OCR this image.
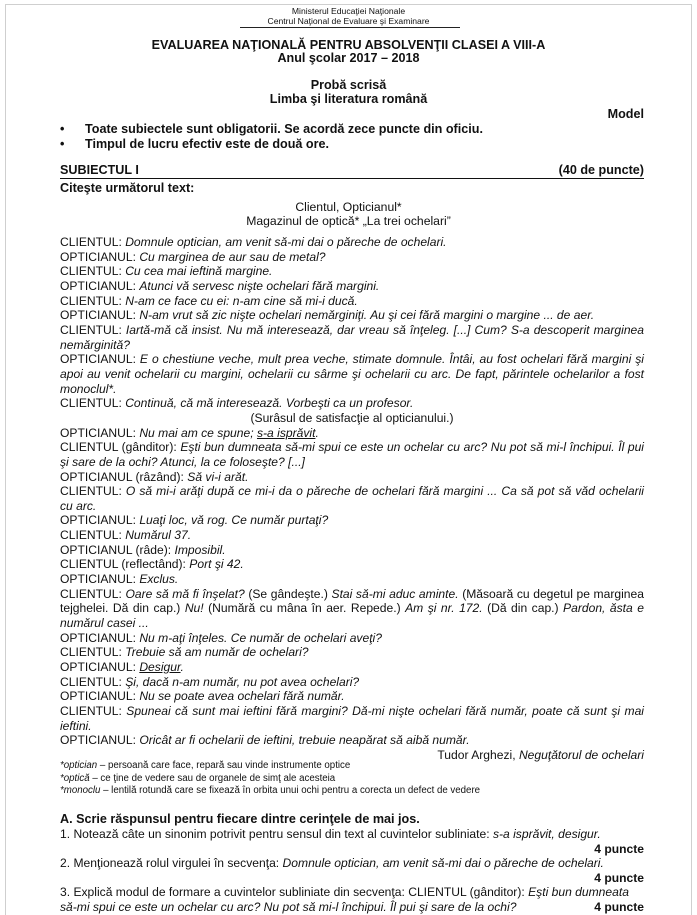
Ministerul Educaţiei Naţionale
Centrul Naţional de Evaluare şi Examinare
EVALUAREA NAŢIONALĂ PENTRU ABSOLVENŢII CLASEI A VIII-A
Anul şcolar 2017 – 2018
Probă scrisă
Limba şi literatura română
Model
• Toate subiectele sunt obligatorii. Se acordă zece puncte din oficiu.
• Timpul de lucru efectiv este de două ore.
SUBIECTUL I	(40 de puncte)
Citeşte următorul text:
Clientul, Opticianul*
Magazinul de optică* „La trei ochelari”

CLIENTUL: Domnule optician, am venit să-mi dai o păreche de ochelari.

OPTICIANUL: Cu marginea de aur sau de metal?

CLIENTUL: Cu cea mai ieftină margine.

OPTICIANUL: Atunci vă servesc nişte ochelari fără margini.

CLIENTUL: N-am ce face cu ei: n-am cine să mi-i ducă.

OPTICIANUL: N-am vrut să zic nişte ochelari nemărginiţi. Au şi cei fără margini o margine ... de aer.

CLIENTUL: Iartă-mă că insist. Nu mă interesează, dar vreau să înţeleg. [...] Cum? S-a descoperit marginea nemărginită?

OPTICIANUL: E o chestiune veche, mult prea veche, stimate domnule. Întâi, au fost ochelari fără margini şi apoi au venit ochelarii cu margini, ochelarii cu sârme şi ochelarii cu arc. De fapt, părintele ochelarilor a fost monoclul*.

CLIENTUL: Continuă, că mă interesează. Vorbeşti ca un profesor.

(Surâsul de satisfacţie al opticianului.)

OPTICIANUL: Nu mai am ce spune; s-a isprăvit.

CLIENTUL (gânditor): Eşti bun dumneata să-mi spui ce este un ochelar cu arc? Nu pot să mi-l închipui. Îl pui şi sare de la ochi? Atunci, la ce foloseşte? [...]

OPTICIANUL (râzând): Să vi-i arăt.

CLIENTUL: O să mi-i arăţi după ce mi-i da o păreche de ochelari fără margini ... Ca să pot să văd ochelarii cu arc.

OPTICIANUL: Luaţi loc, vă rog. Ce număr purtaţi?

CLIENTUL: Numărul 37.

OPTICIANUL (râde): Imposibil.

CLIENTUL (reflectând): Port şi 42.

OPTICIANUL: Exclus.

CLIENTUL: Oare să mă fi înşelat? (Se gândeşte.) Stai să-mi aduc aminte. (Măsoară cu degetul pe marginea tejghelei. Dă din cap.) Nu! (Numără cu mâna în aer. Repede.) Am şi nr. 172. (Dă din cap.) Pardon, ăsta e numărul casei ...

OPTICIANUL: Nu m-aţi înţeles. Ce număr de ochelari aveţi?

CLIENTUL: Trebuie să am număr de ochelari?

OPTICIANUL: Desigur.

CLIENTUL: Şi, dacă n-am număr, nu pot avea ochelari?

OPTICIANUL: Nu se poate avea ochelari fără număr.

CLIENTUL: Spuneai că sunt mai ieftini fără margini? Dă-mi nişte ochelari fără număr, poate că sunt şi mai ieftini.

OPTICIANUL: Oricât ar fi ochelarii de ieftini, trebuie neapărat să aibă număr.

Tudor Arghezi, Neguţătorul de ochelari

*optician – persoană care face, repară sau vinde instrumente optice

*optică – ce ţine de vedere sau de organele de simţ ale acesteia

*monoclu – lentilă rotundă care se fixează în orbita unui ochi pentru a corecta un defect de vedere

A. Scrie răspunsul pentru fiecare dintre cerinţele de mai jos.

1. Notează câte un sinonim potrivit pentru sensul din text al cuvintelor subliniate: s-a isprăvit, desigur.

4 puncte

2. Menţionează rolul virgulei în secvenţa: Domnule optician, am venit să-mi dai o păreche de ochelari.

4 puncte

3. Explică modul de formare a cuvintelor subliniate din secvenţa: CLIENTUL (gânditor): Eşti bun dumneata să-mi spui ce este un ochelar cu arc? Nu pot să mi-l închipui. Îl pui şi sare de la ochi?	4 puncte
